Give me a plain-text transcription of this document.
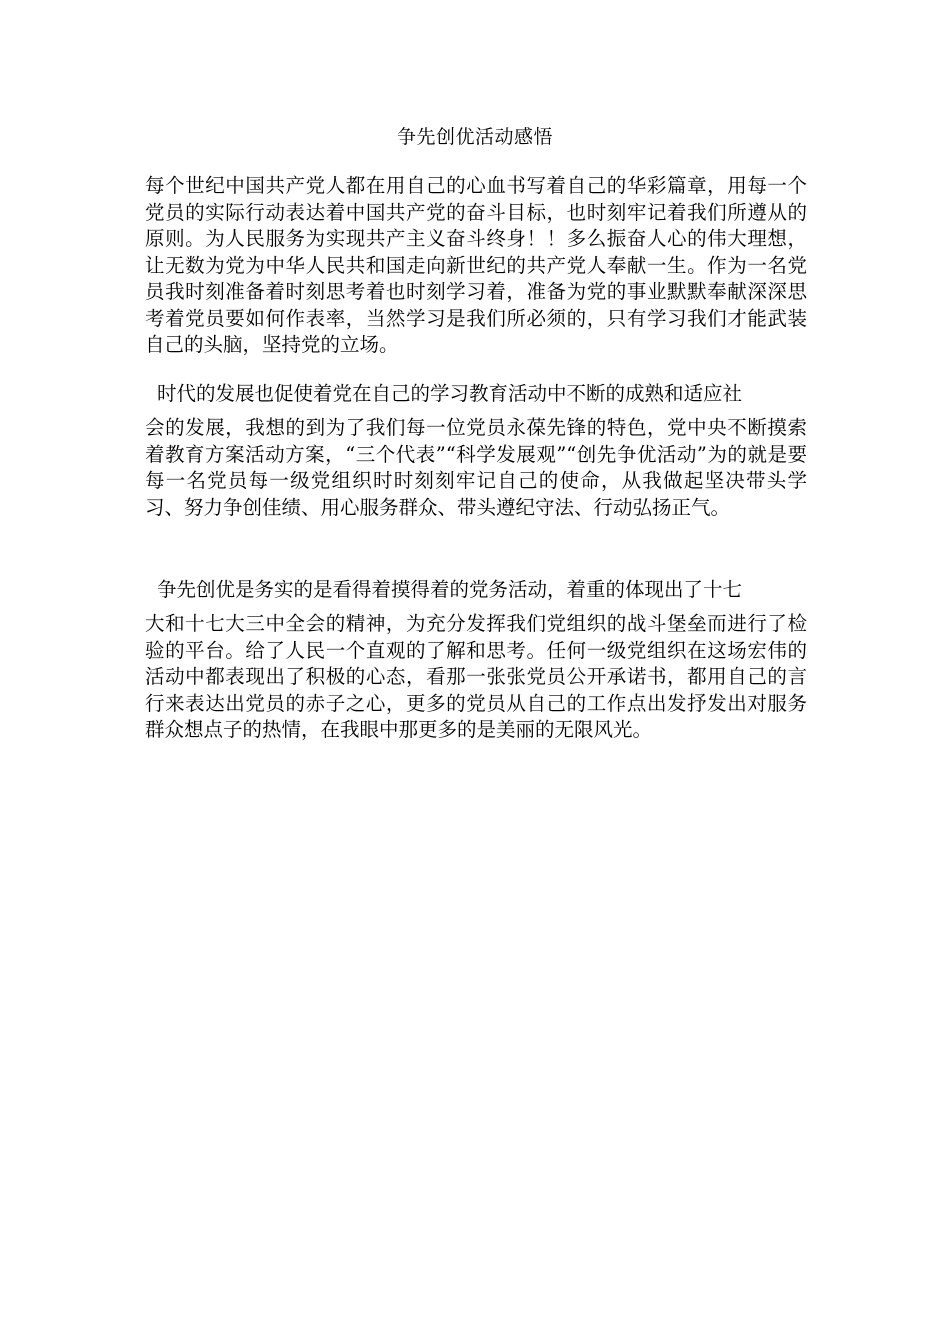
争先创优活动感悟

每个世纪中国共产党人都在用自己的心血书写着自己的华彩篇章，用每一个党员的实际行动表达着中国共产党的奋斗目标，也时刻牢记着我们所遵从的原则。为人民服务为实现共产主义奋斗终身！！多么振奋人心的伟大理想，让无数为党为中华人民共和国走向新世纪的共产党人奉献一生。作为一名党员我时刻准备着时刻思考着也时刻学习着，准备为党的事业默默奉献深深思考着党员要如何作表率，当然学习是我们所必须的，只有学习我们才能武装自己的头脑，坚持党的立场。

时代的发展也促使着党在自己的学习教育活动中不断的成熟和适应社

会的发展，我想的到为了我们每一位党员永葆先锋的特色，党中央不断摸索着教育方案活动方案，“三个代表”“科学发展观”“创先争优活动”为的就是要每一名党员每一级党组织时时刻刻牢记自己的使命，从我做起坚决带头学习、努力争创佳绩、用心服务群众、带头遵纪守法、行动弘扬正气。

争先创优是务实的是看得着摸得着的党务活动，着重的体现出了十七

大和十七大三中全会的精神，为充分发挥我们党组织的战斗堡垒而进行了检验的平台。给了人民一个直观的了解和思考。任何一级党组织在这场宏伟的活动中都表现出了积极的心态，看那一张张党员公开承诺书，都用自己的言行来表达出党员的赤子之心，更多的党员从自己的工作点出发抒发出对服务群众想点子的热情，在我眼中那更多的是美丽的无限风光。
